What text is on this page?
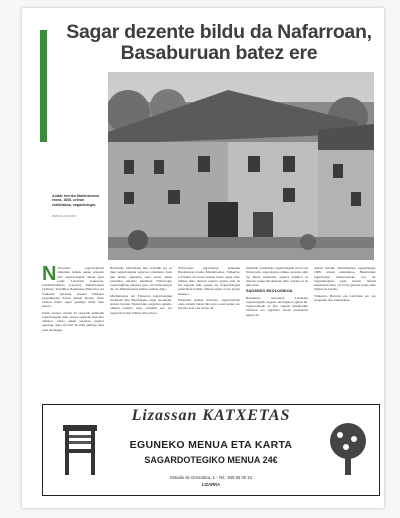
• • • BASABURUKO KRONIKAK • • •	Sagar dezente bildu da Nafarroan,
Basaburuan batez ere
Aldatz herriko Martintxenea etxea, 1608. urtean eraikitakoa, sagardotegia.
IMANOL IGANTZI
N afarroako sagardogileen elkarteko kideek azken urteetan bizi sagardotegiak daude gaur egun: Larraldea (Lekaroz), Lindaberenbirda (Leaoaz), Martintxenea (Aldatz), Tornilkon Natanenea (Berrotte) eta Txikerria (Aldatz), Axaloz Zubizare (Azpilkueta). Euren datuek dionez, beste urtetan baino sagar gehiago bildu dute aurten.
Iaztik aurrera, urtean 25 sagarrak gehienak sagardotegiak dute, aurten sagarrak izan dira nahikoa, baina azken urteetan sagarra ugariago dago eta hori bi aldiz gehiago dela esan dezakegu.
Beltzunko beltendada hau oraindik eta ez dute sagardotegiak sagarrez ordezkatu. Joan den urteko egunetan atera zuten azken urteetako emaitza handiena. Nafarroako sagardogileen elkartea gero eta indartsuagoa da, eta Martintxenea mahai ondoan dago.
Martintxenea eta Txikerria sagardotegiak hornitzen ditu Basaburuko sagar ekoizleek. Aldatz herrian Nafarroako sagardoa egiteko ohitura zaharra dago oraindik ere, eta sagarrak bertan biltzen dira urtero.
Nafarroako sagardotegi gehienak Basaburuan daude. Martintxenea, Txikerria, Larraldea eta beste batzuk urtero sagar asko biltzen dute. Aurten sagarra ugaria izan da eta sagardo asko egingo da. Sagardotegiek urtarrilean irekiko dituzte ateak, txotx garaia hasteko.
Elkarteko kideek diotenez, sagarrondoak ondo zaindu behar dira urte osoan zehar, eta horrela uzta ona izaten da.
mahaiak. Lenaldeko sagardotegiak ere ba du Nafarroako sagardoaren aldeko apustua egin du. Beste batzuetan, sagarra nahikoa ez denean, kanpotik ekartzen dute. Aurten ez da hala izan.
SAGARDO EKOLOGIKOA
Basaburua barrenean Larraldea sagardotegiak sagardo ekologikoa egiten du. Sagarrondoak ez dira ongarri kimikoekin zaintzen eta sagardoa modu naturalean egiten da.
Aldatz herriko Martintxenea sagardotegia, 1608. urtean eraikitakoa, Basaburuko sagardotegi zaharrenetako bat da. Sagardotegian egun bertan menua eskaintzen dute, eta txotx garaian jende asko biltzen da bertan.
Txikerria, Berrotte eta Larraldea ere oso ezagunak dira eskualdean.
Lizassan KATXETAS
EGUNEKO MENUA ETA KARTA
SAGARDOTEGIKO MENUA 24€
Estudio de Gremática, 1 - Tel.: 948 55 00 10
LIZARRA
